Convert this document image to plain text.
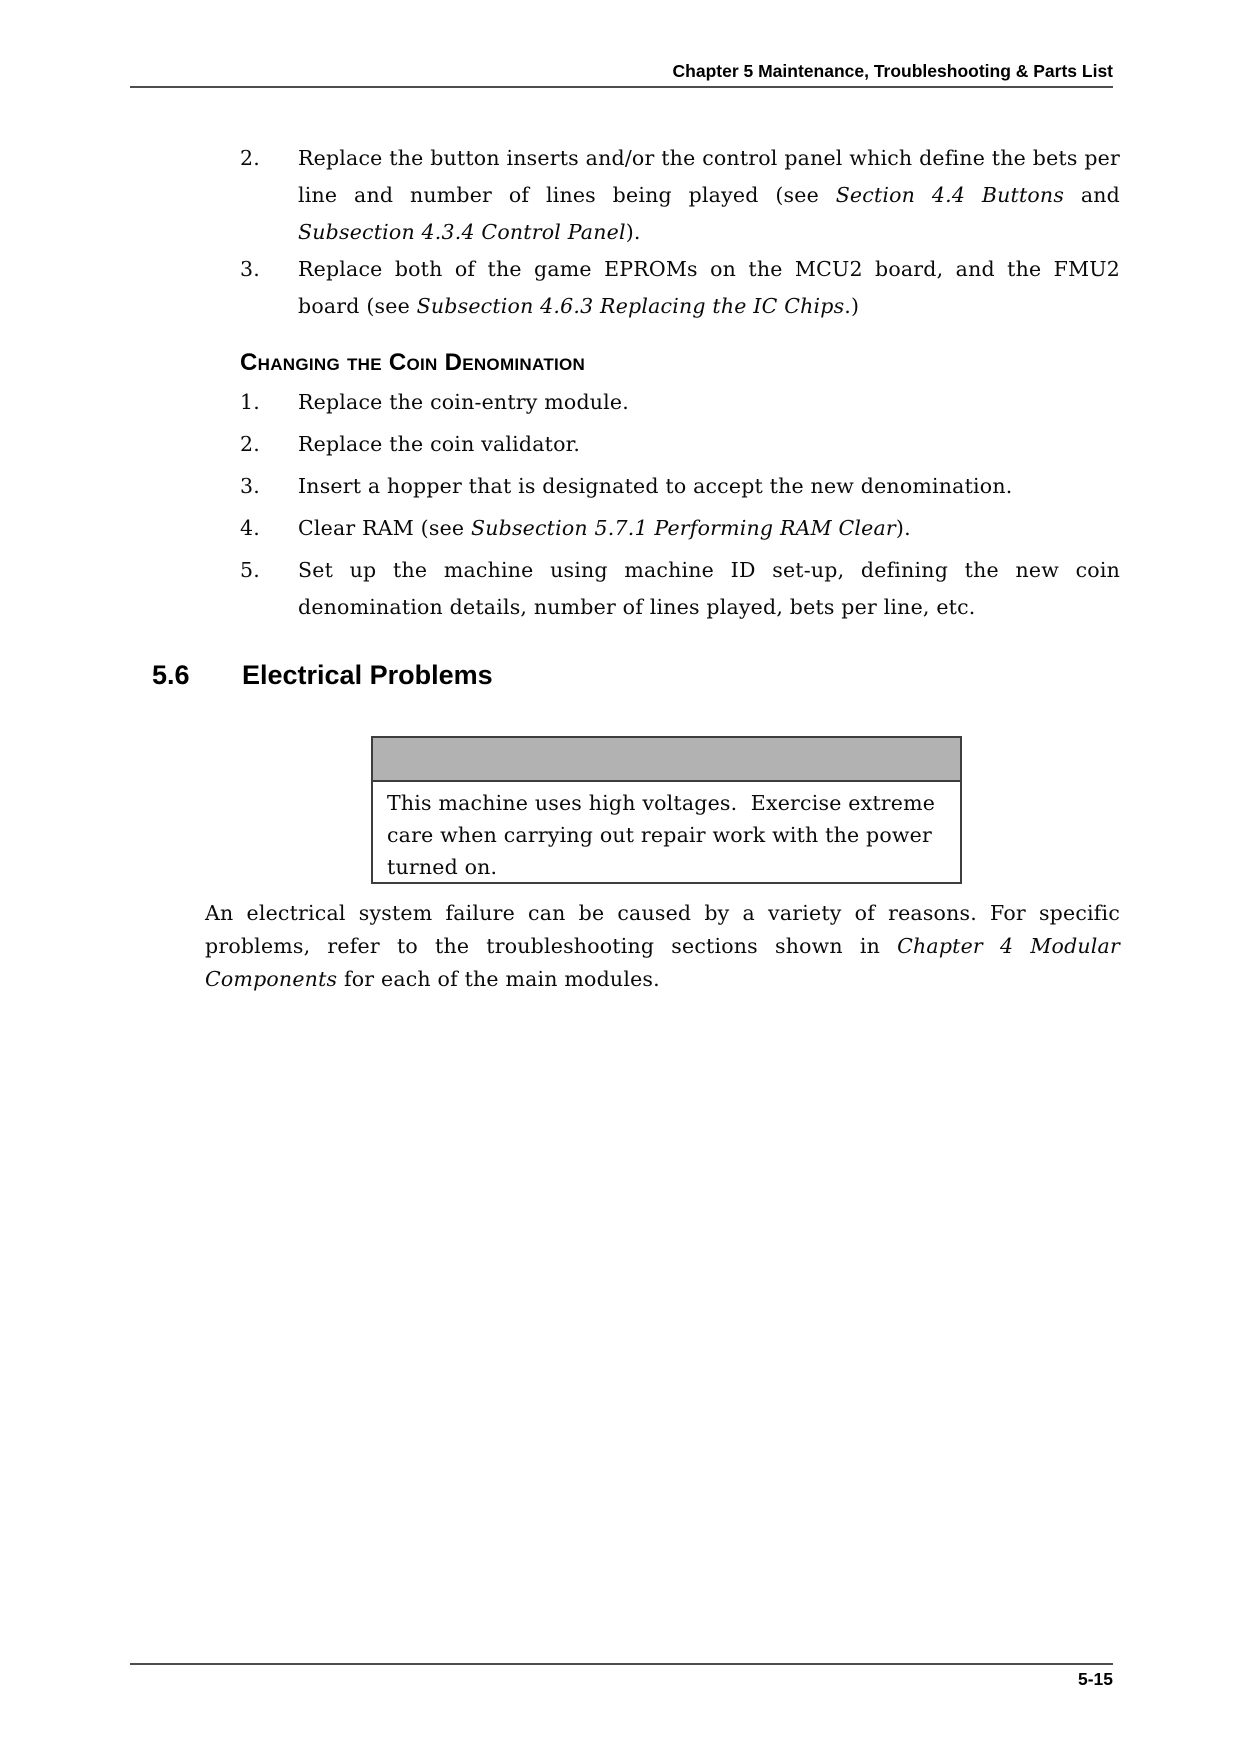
Chapter 5 Maintenance, Troubleshooting & Parts List
2.	Replace the button inserts and/or the control panel which define the bets per line and number of lines being played (see Section 4.4 Buttons and Subsection 4.3.4 Control Panel).
3.	Replace both of the game EPROMs on the MCU2 board, and the FMU2 board (see Subsection 4.6.3 Replacing the IC Chips.)
Changing the Coin Denomination
1.	Replace the coin-entry module.
2.	Replace the coin validator.
3.	Insert a hopper that is designated to accept the new denomination.
4.	Clear RAM (see Subsection 5.7.1 Performing RAM Clear).
5.	Set up the machine using machine ID set-up, defining the new coin denomination details, number of lines played, bets per line, etc.
5.6	Electrical Problems
This machine uses high voltages.  Exercise extreme care when carrying out repair work with the power turned on.
An electrical system failure can be caused by a variety of reasons. For specific problems, refer to the troubleshooting sections shown in Chapter 4 Modular Components for each of the main modules.
5-15
